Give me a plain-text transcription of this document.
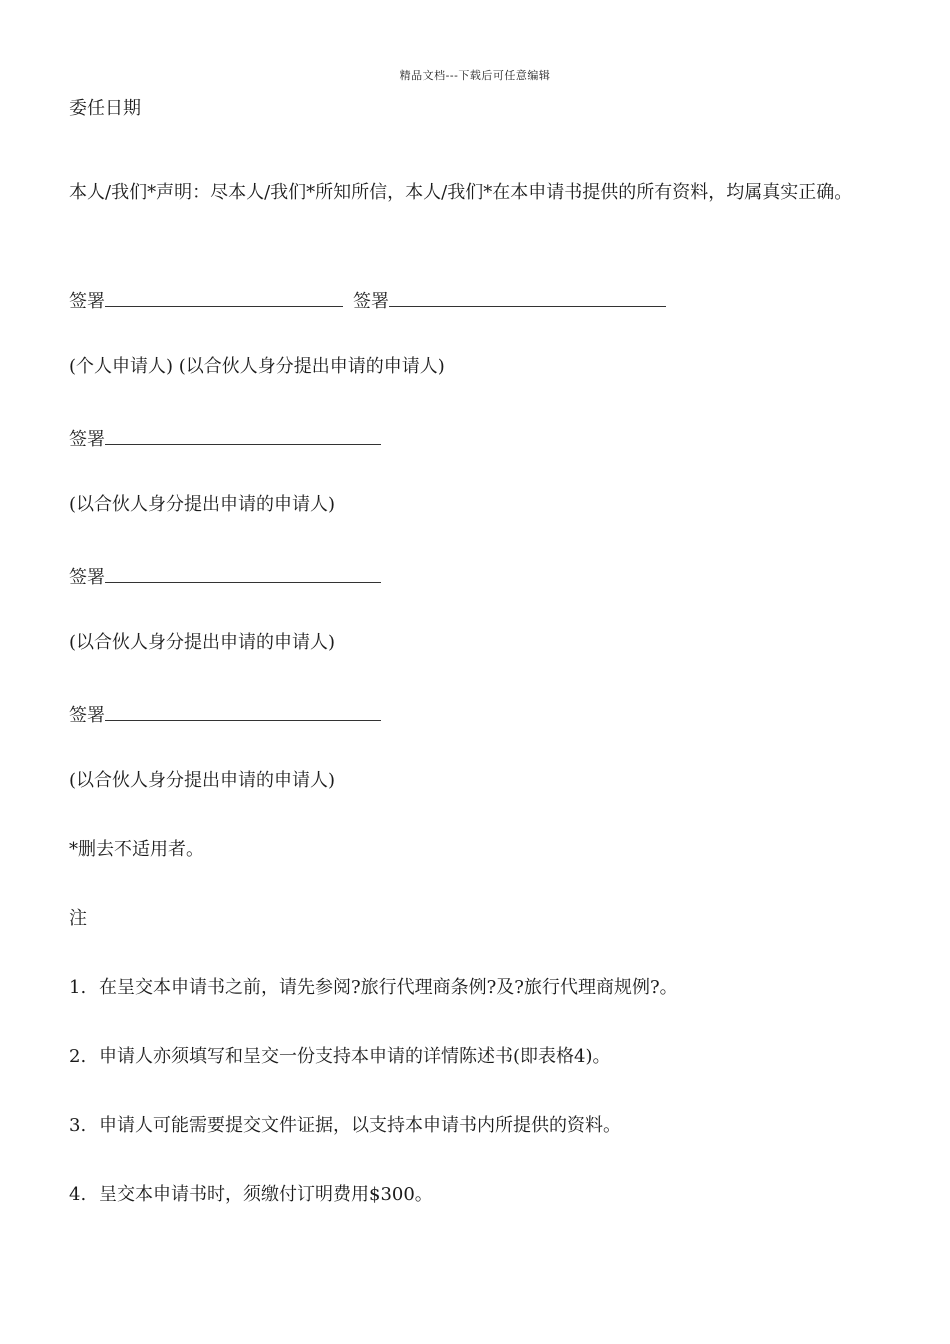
精品文档---下载后可任意编辑
委任日期
本人/我们*声明：尽本人/我们*所知所信，本人/我们*在本申请书提供的所有资料，均属真实正确。
签署	签署
(个人申请人) (以合伙人身分提出申请的申请人)
签署
(以合伙人身分提出申请的申请人)
签署
(以合伙人身分提出申请的申请人)
签署
(以合伙人身分提出申请的申请人)
*删去不适用者。
注
1. 在呈交本申请书之前，请先参阅?旅行代理商条例?及?旅行代理商规例?。
2. 申请人亦须填写和呈交一份支持本申请的详情陈述书(即表格4)。
3. 申请人可能需要提交文件证据，以支持本申请书内所提供的资料。
4. 呈交本申请书时，须缴付订明费用$300。
